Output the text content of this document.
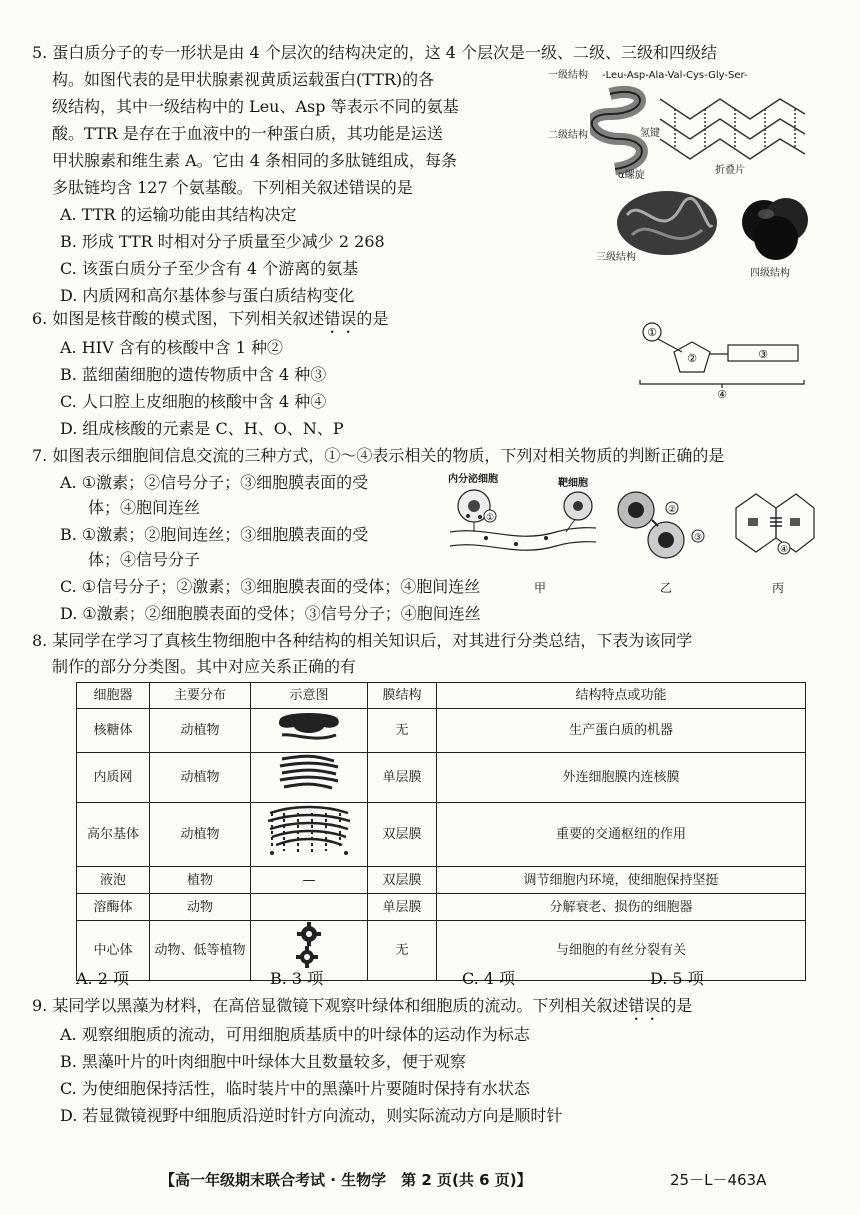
5. 蛋白质分子的专一形状是由 4 个层次的结构决定的，这 4 个层次是一级、二级、三级和四级结
构。如图代表的是甲状腺素视黄质运载蛋白(TTR)的各
级结构，其中一级结构中的 Leu、Asp 等表示不同的氨基
酸。TTR 是存在于血液中的一种蛋白质，其功能是运送
甲状腺素和维生素 A。它由 4 条相同的多肽链组成，每条
多肽链均含 127 个氨基酸。下列相关叙述错误的是
A. TTR 的运输功能由其结构决定
B. 形成 TTR 时相对分子质量至少减少 2 268
C. 该蛋白质分子至少含有 4 个游离的氨基
D. 内质网和高尔基体参与蛋白质结构变化
一级结构 -Leu-Asp-Ala-Val-Cys-Gly-Ser-
二级结构	氢键
α螺旋	折叠片
三级结构
四级结构
6. 如图是核苷酸的模式图，下列相关叙述错误的是
A. HIV 含有的核酸中含 1 种②
B. 蓝细菌细胞的遗传物质中含 4 种③
C. 人口腔上皮细胞的核酸中含 4 种④
D. 组成核酸的元素是 C、H、O、N、P
①
②	③
④
7. 如图表示细胞间信息交流的三种方式，①～④表示相关的物质，下列对相关物质的判断正确的是
A. ①激素；②信号分子；③细胞膜表面的受
体；④胞间连丝
B. ①激素；②胞间连丝；③细胞膜表面的受
体；④信号分子
C. ①信号分子；②激素；③细胞膜表面的受体；④胞间连丝
D. ①激素；②细胞膜表面的受体；③信号分子；④胞间连丝
内分泌细胞	靶细胞
①
②
③
④
甲	乙	丙
8. 某同学在学习了真核生物细胞中各种结构的相关知识后，对其进行分类总结，下表为该同学
制作的部分分类图。其中对应关系正确的有
细胞器	主要分布	示意图	膜结构	结构特点或功能
核糖体	动植物		无	生产蛋白质的机器
内质网	动植物		单层膜	外连细胞膜内连核膜
高尔基体	动植物		双层膜	重要的交通枢纽的作用
液泡	植物	—	双层膜	调节细胞内环境，使细胞保持坚挺
溶酶体	动物		单层膜	分解衰老、损伤的细胞器
中心体	动物、低等植物		无	与细胞的有丝分裂有关
A. 2 项	B. 3 项	C. 4 项	D. 5 项
9. 某同学以黑藻为材料，在高倍显微镜下观察叶绿体和细胞质的流动。下列相关叙述错误的是
A. 观察细胞质的流动，可用细胞质基质中的叶绿体的运动作为标志
B. 黑藻叶片的叶肉细胞中叶绿体大且数量较多，便于观察
C. 为使细胞保持活性，临时装片中的黑藻叶片要随时保持有水状态
D. 若显微镜视野中细胞质沿逆时针方向流动，则实际流动方向是顺时针
【高一年级期末联合考试 · 生物学　第 2 页(共 6 页)】	25－L－463A
